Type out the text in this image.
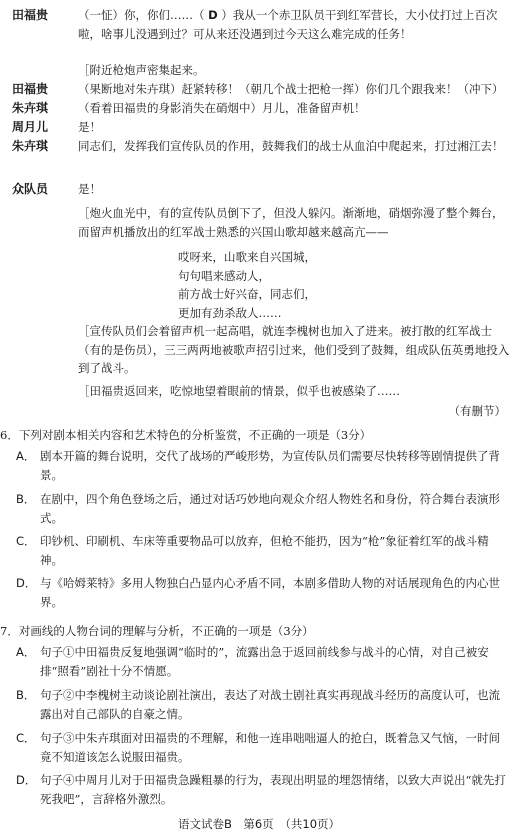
田福贵	（一怔）你，你们……（ D ）我从一个赤卫队员干到红军营长，大小仗打过上百次啦，啥事儿没遇到过？可从来还没遇到过今天这么难完成的任务！
［附近枪炮声密集起来。
田福贵	（果断地对朱卉琪）赶紧转移！（朝几个战士把枪一挥）你们几个跟我来！（冲下）
朱卉琪	（看着田福贵的身影消失在硝烟中）月儿，准备留声机！
周月儿	是！
朱卉琪	同志们，发挥我们宣传队员的作用，鼓舞我们的战士从血泊中爬起来，打过湘江去！
众队员	是！
［炮火血光中，有的宣传队员倒下了，但没人躲闪。渐渐地，硝烟弥漫了整个舞台，而留声机播放出的红军战士熟悉的兴国山歌却越来越高亢——
哎呀来，山歌来自兴国城，
句句唱来感动人，
前方战士好兴奋，同志们，
更加有劲杀敌人……
［宣传队员们会着留声机一起高唱，就连李槐树也加入了进来。被打散的红军战士（有的是伤员），三三两两地被歌声招引过来，他们受到了鼓舞，组成队伍英勇地投入到了战斗。
［田福贵返回来，吃惊地望着眼前的情景，似乎也被感染了……
（有删节）
6．下列对剧本相关内容和艺术特色的分析鉴赏，不正确的一项是（3分）
A． 剧本开篇的舞台说明，交代了战场的严峻形势，为宣传队员们需要尽快转移等剧情提供了背景。
B． 在剧中，四个角色登场之后，通过对话巧妙地向观众介绍人物姓名和身份，符合舞台表演形式。
C． 印钞机、印刷机、车床等重要物品可以放弃，但枪不能扔，因为“枪”象征着红军的战斗精神。
D． 与《哈姆莱特》多用人物独白凸显内心矛盾不同，本剧多借助人物的对话展现角色的内心世界。
7．对画线的人物台词的理解与分析，不正确的一项是（3分）
A． 句子①中田福贵反复地强调“临时的”，流露出急于返回前线参与战斗的心情，对自己被安排“照看”剧社十分不情愿。
B． 句子②中李槐树主动谈论剧社演出，表达了对战士剧社真实再现战斗经历的高度认可，也流露出对自己部队的自豪之情。
C． 句子③中朱卉琪面对田福贵的不理解，和他一连串咄咄逼人的抢白，既着急又气恼，一时间竟不知道该怎么说服田福贵。
D． 句子④中周月儿对于田福贵急躁粗暴的行为，表现出明显的埋怨情绪，以致大声说出“就先打死我吧”，言辞格外激烈。
语文试卷B　第6页　（共10页）
